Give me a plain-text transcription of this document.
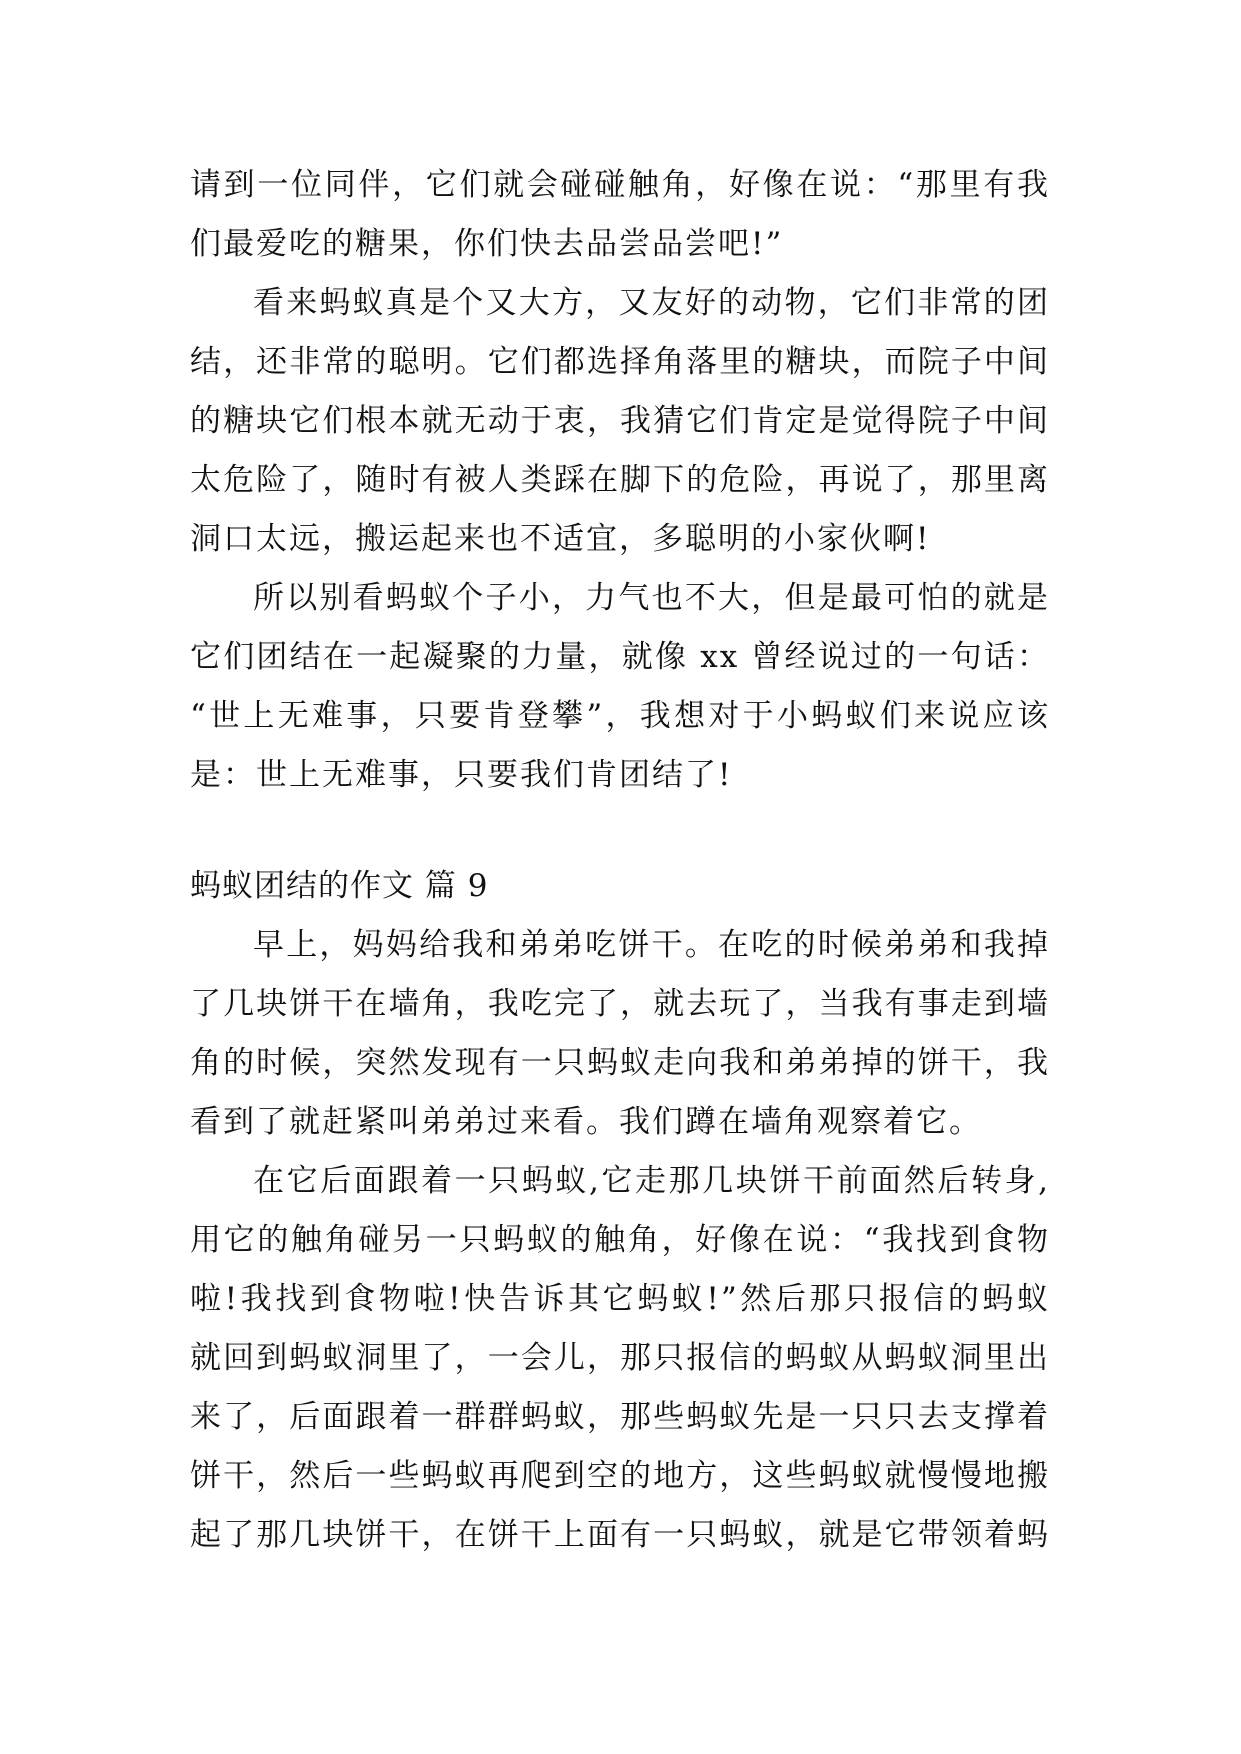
请到一位同伴，它们就会碰碰触角，好像在说：“那里有我
们最爱吃的糖果，你们快去品尝品尝吧!”
看来蚂蚁真是个又大方，又友好的动物，它们非常的团
结，还非常的聪明。它们都选择角落里的糖块，而院子中间
的糖块它们根本就无动于衷，我猜它们肯定是觉得院子中间
太危险了，随时有被人类踩在脚下的危险，再说了，那里离
洞口太远，搬运起来也不适宜，多聪明的小家伙啊!
所以别看蚂蚁个子小，力气也不大，但是最可怕的就是
它们团结在一起凝聚的力量，就像 xx 曾经说过的一句话：
“世上无难事，只要肯登攀”，我想对于小蚂蚁们来说应该
是：世上无难事，只要我们肯团结了!
蚂蚁团结的作文 篇 9
早上，妈妈给我和弟弟吃饼干。在吃的时候弟弟和我掉
了几块饼干在墙角，我吃完了，就去玩了，当我有事走到墙
角的时候，突然发现有一只蚂蚁走向我和弟弟掉的饼干，我
看到了就赶紧叫弟弟过来看。我们蹲在墙角观察着它。
在它后面跟着一只蚂蚁,它走那几块饼干前面然后转身,
用它的触角碰另一只蚂蚁的触角，好像在说：“我找到食物
啦!我找到食物啦!快告诉其它蚂蚁!”然后那只报信的蚂蚁
就回到蚂蚁洞里了，一会儿，那只报信的蚂蚁从蚂蚁洞里出
来了，后面跟着一群群蚂蚁，那些蚂蚁先是一只只去支撑着
饼干，然后一些蚂蚁再爬到空的地方，这些蚂蚁就慢慢地搬
起了那几块饼干，在饼干上面有一只蚂蚁，就是它带领着蚂
